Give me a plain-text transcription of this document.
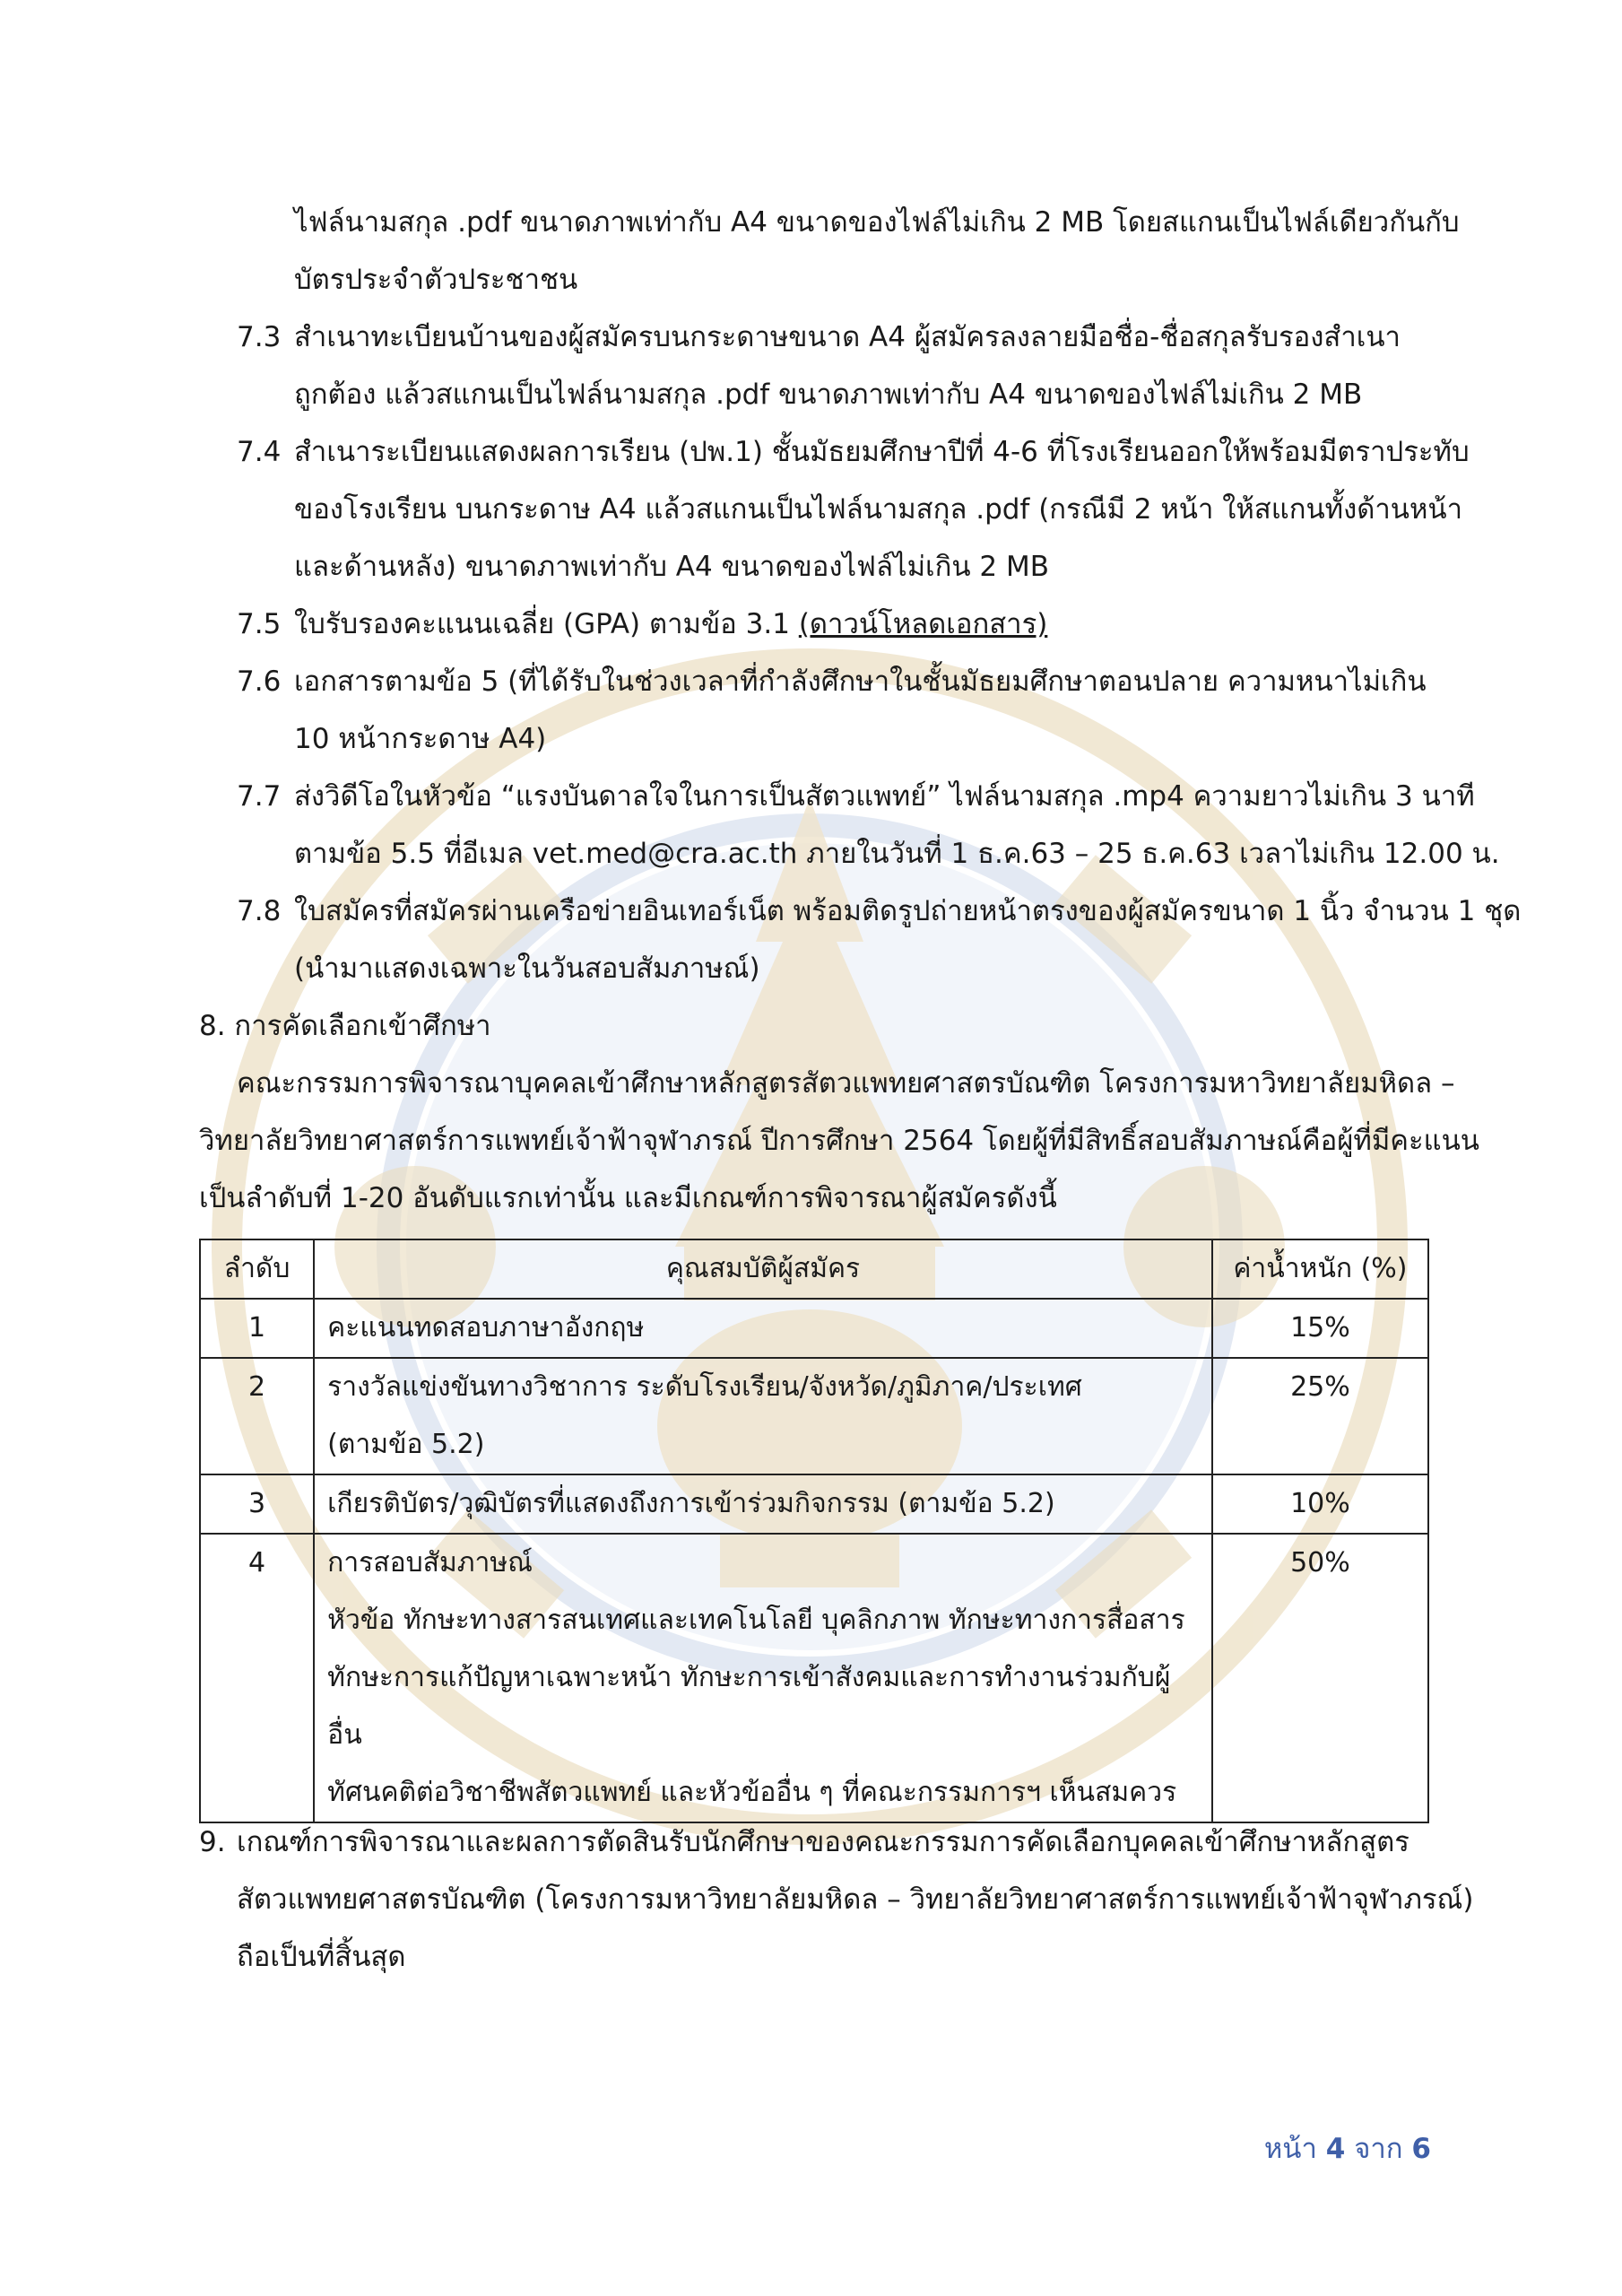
ไฟล์นามสกุล .pdf ขนาดภาพเท่ากับ A4 ขนาดของไฟล์ไม่เกิน 2 MB โดยสแกนเป็นไฟล์เดียวกันกับ
บัตรประจำตัวประชาชน
7.3 สำเนาทะเบียนบ้านของผู้สมัครบนกระดาษขนาด A4 ผู้สมัครลงลายมือชื่อ-ชื่อสกุลรับรองสำเนา
ถูกต้อง แล้วสแกนเป็นไฟล์นามสกุล .pdf ขนาดภาพเท่ากับ A4 ขนาดของไฟล์ไม่เกิน 2 MB
7.4 สำเนาระเบียนแสดงผลการเรียน (ปพ.1) ชั้นมัธยมศึกษาปีที่ 4-6 ที่โรงเรียนออกให้พร้อมมีตราประทับ
ของโรงเรียน บนกระดาษ A4 แล้วสแกนเป็นไฟล์นามสกุล .pdf (กรณีมี 2 หน้า ให้สแกนทั้งด้านหน้า
และด้านหลัง) ขนาดภาพเท่ากับ A4 ขนาดของไฟล์ไม่เกิน 2 MB
7.5 ใบรับรองคะแนนเฉลี่ย (GPA) ตามข้อ 3.1 (ดาวน์โหลดเอกสาร)
7.6 เอกสารตามข้อ 5 (ที่ได้รับในช่วงเวลาที่กำลังศึกษาในชั้นมัธยมศึกษาตอนปลาย ความหนาไม่เกิน
10 หน้ากระดาษ A4)
7.7 ส่งวิดีโอในหัวข้อ “แรงบันดาลใจในการเป็นสัตวแพทย์” ไฟล์นามสกุล .mp4 ความยาวไม่เกิน 3 นาที
ตามข้อ 5.5 ที่อีเมล vet.med@cra.ac.th ภายในวันที่ 1 ธ.ค.63 – 25 ธ.ค.63 เวลาไม่เกิน 12.00 น.
7.8 ใบสมัครที่สมัครผ่านเครือข่ายอินเทอร์เน็ต พร้อมติดรูปถ่ายหน้าตรงของผู้สมัครขนาด 1 นิ้ว จำนวน 1 ชุด
(นำมาแสดงเฉพาะในวันสอบสัมภาษณ์)
8. การคัดเลือกเข้าศึกษา
คณะกรรมการพิจารณาบุคคลเข้าศึกษาหลักสูตรสัตวแพทยศาสตรบัณฑิต โครงการมหาวิทยาลัยมหิดล –
วิทยาลัยวิทยาศาสตร์การแพทย์เจ้าฟ้าจุฬาภรณ์ ปีการศึกษา 2564 โดยผู้ที่มีสิทธิ์สอบสัมภาษณ์คือผู้ที่มีคะแนน
เป็นลำดับที่ 1-20 อันดับแรกเท่านั้น และมีเกณฑ์การพิจารณาผู้สมัครดังนี้
ลำดับ	คุณสมบัติผู้สมัคร	ค่าน้ำหนัก (%)
1	คะแนนทดสอบภาษาอังกฤษ	15%
2	รางวัลแข่งขันทางวิชาการ ระดับโรงเรียน/จังหวัด/ภูมิภาค/ประเทศ
(ตามข้อ 5.2)	25%
3	เกียรติบัตร/วุฒิบัตรที่แสดงถึงการเข้าร่วมกิจกรรม (ตามข้อ 5.2)	10%
4	การสอบสัมภาษณ์
หัวข้อ ทักษะทางสารสนเทศและเทคโนโลยี บุคลิกภาพ ทักษะทางการสื่อสาร
ทักษะการแก้ปัญหาเฉพาะหน้า ทักษะการเข้าสังคมและการทำงานร่วมกับผู้อื่น
ทัศนคติต่อวิชาชีพสัตวแพทย์ และหัวข้ออื่น ๆ ที่คณะกรรมการฯ เห็นสมควร	50%
9. เกณฑ์การพิจารณาและผลการตัดสินรับนักศึกษาของคณะกรรมการคัดเลือกบุคคลเข้าศึกษาหลักสูตร
สัตวแพทยศาสตรบัณฑิต (โครงการมหาวิทยาลัยมหิดล – วิทยาลัยวิทยาศาสตร์การแพทย์เจ้าฟ้าจุฬาภรณ์)
ถือเป็นที่สิ้นสุด
หน้า 4 จาก 6
